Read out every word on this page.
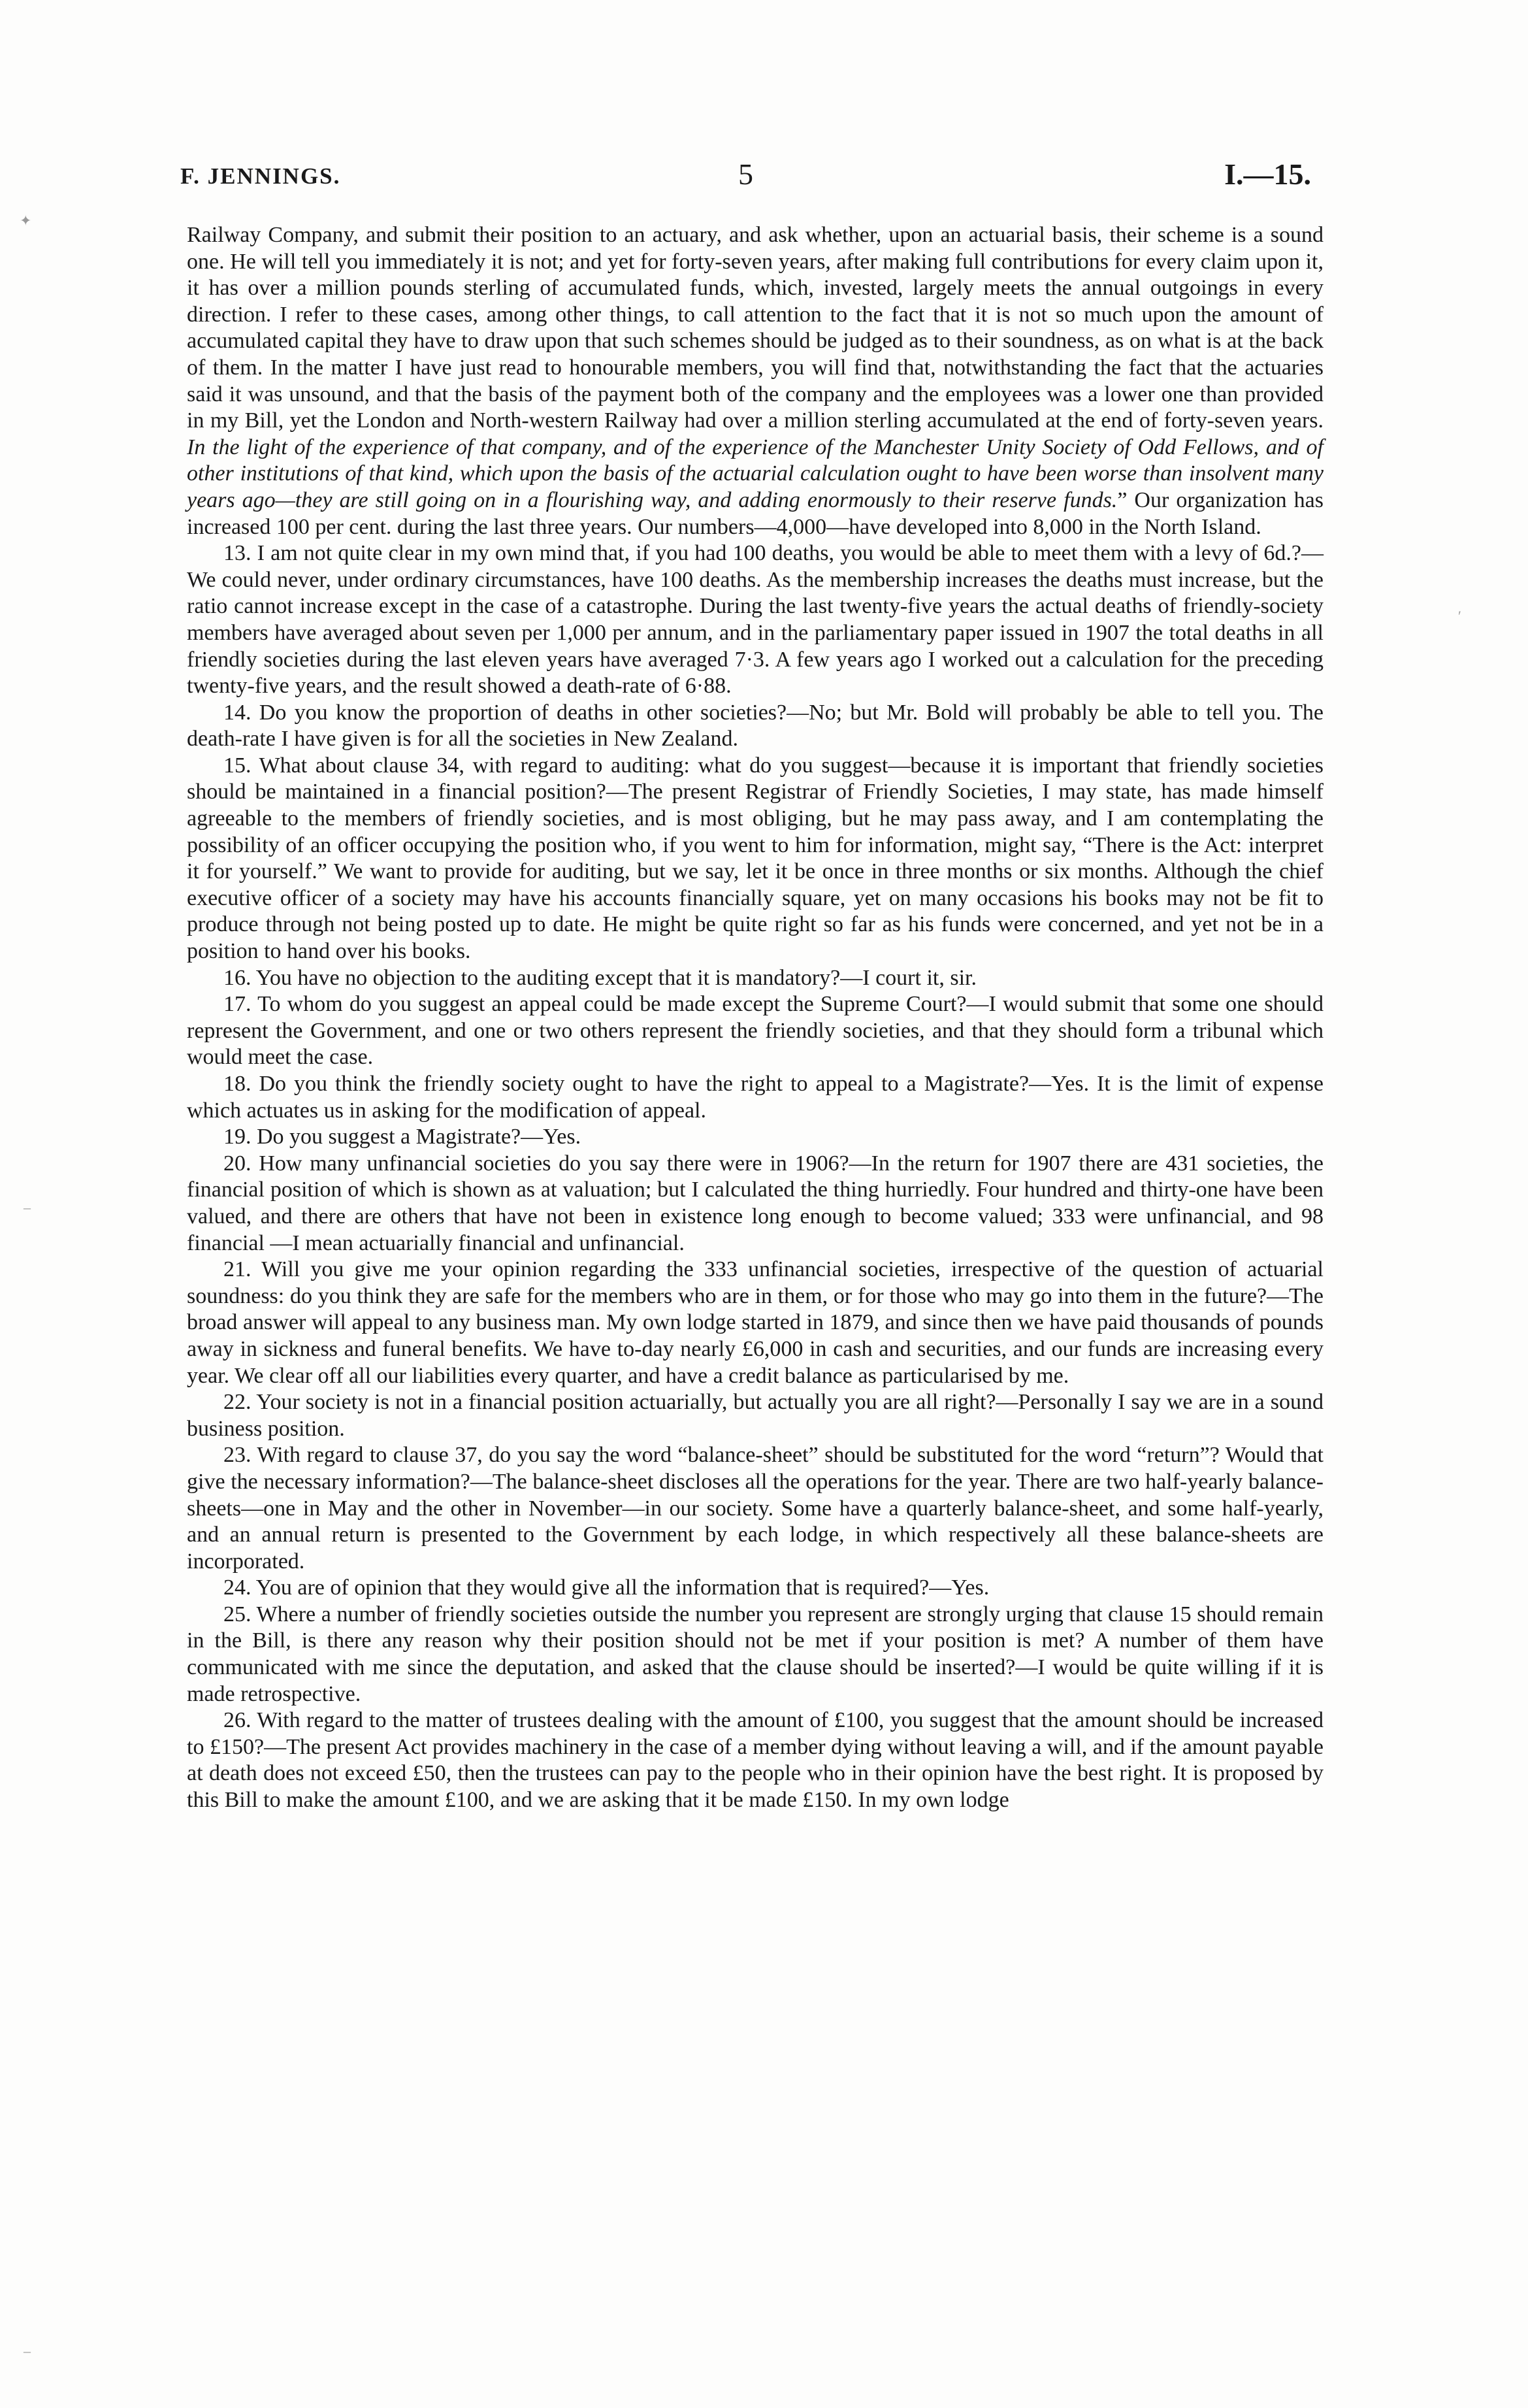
F. JENNINGS.	5	I.—15.
✦
–
′
–

Railway Company, and submit their position to an actuary, and ask whether, upon an actuarial basis, their scheme is a sound one. He will tell you immediately it is not; and yet for forty-seven years, after making full contributions for every claim upon it, it has over a million pounds sterling of accumulated funds, which, invested, largely meets the annual outgoings in every direction. I refer to these cases, among other things, to call attention to the fact that it is not so much upon the amount of accumulated capital they have to draw upon that such schemes should be judged as to their soundness, as on what is at the back of them. In the matter I have just read to honourable members, you will find that, notwithstanding the fact that the actuaries said it was unsound, and that the basis of the payment both of the company and the employees was a lower one than provided in my Bill, yet the London and North-western Railway had over a million sterling accumulated at the end of forty-seven years. In the light of the experience of that company, and of the experience of the Manchester Unity Society of Odd Fellows, and of other institutions of that kind, which upon the basis of the actuarial calculation ought to have been worse than insolvent many years ago—they are still going on in a flourishing way, and adding enormously to their reserve funds.” Our organization has increased 100 per cent. during the last three years. Our numbers—4,000—have developed into 8,000 in the North Island.

13. I am not quite clear in my own mind that, if you had 100 deaths, you would be able to meet them with a levy of 6d.?—We could never, under ordinary circumstances, have 100 deaths. As the membership increases the deaths must increase, but the ratio cannot increase except in the case of a catastrophe. During the last twenty-five years the actual deaths of friendly-society members have averaged about seven per 1,000 per annum, and in the parliamentary paper issued in 1907 the total deaths in all friendly societies during the last eleven years have averaged 7·3. A few years ago I worked out a calculation for the preceding twenty-five years, and the result showed a death-rate of 6·88.

14. Do you know the proportion of deaths in other societies?—No; but Mr. Bold will probably be able to tell you. The death-rate I have given is for all the societies in New Zealand.

15. What about clause 34, with regard to auditing: what do you suggest—because it is important that friendly societies should be maintained in a financial position?—The present Registrar of Friendly Societies, I may state, has made himself agreeable to the members of friendly societies, and is most obliging, but he may pass away, and I am contemplating the possibility of an officer occupying the position who, if you went to him for information, might say, “There is the Act: interpret it for yourself.” We want to provide for auditing, but we say, let it be once in three months or six months. Although the chief executive officer of a society may have his accounts financially square, yet on many occasions his books may not be fit to produce through not being posted up to date. He might be quite right so far as his funds were concerned, and yet not be in a position to hand over his books.

16. You have no objection to the auditing except that it is mandatory?—I court it, sir.

17. To whom do you suggest an appeal could be made except the Supreme Court?—I would submit that some one should represent the Government, and one or two others represent the friendly societies, and that they should form a tribunal which would meet the case.

18. Do you think the friendly society ought to have the right to appeal to a Magistrate?—Yes. It is the limit of expense which actuates us in asking for the modification of appeal.

19. Do you suggest a Magistrate?—Yes.

20. How many unfinancial societies do you say there were in 1906?—In the return for 1907 there are 431 societies, the financial position of which is shown as at valuation; but I calculated the thing hurriedly. Four hundred and thirty-one have been valued, and there are others that have not been in existence long enough to become valued; 333 were unfinancial, and 98 financial —I mean actuarially financial and unfinancial.

21. Will you give me your opinion regarding the 333 unfinancial societies, irrespective of the question of actuarial soundness: do you think they are safe for the members who are in them, or for those who may go into them in the future?—The broad answer will appeal to any business man. My own lodge started in 1879, and since then we have paid thousands of pounds away in sickness and funeral benefits. We have to-day nearly £6,000 in cash and securities, and our funds are increasing every year. We clear off all our liabilities every quarter, and have a credit balance as particularised by me.

22. Your society is not in a financial position actuarially, but actually you are all right?—Personally I say we are in a sound business position.

23. With regard to clause 37, do you say the word “balance-sheet” should be substituted for the word “return”? Would that give the necessary information?—The balance-sheet discloses all the operations for the year. There are two half-yearly balance-sheets—one in May and the other in November—in our society. Some have a quarterly balance-sheet, and some half-yearly, and an annual return is presented to the Government by each lodge, in which respectively all these balance-sheets are incorporated.

24. You are of opinion that they would give all the information that is required?—Yes.

25. Where a number of friendly societies outside the number you represent are strongly urging that clause 15 should remain in the Bill, is there any reason why their position should not be met if your position is met? A number of them have communicated with me since the deputation, and asked that the clause should be inserted?—I would be quite willing if it is made retrospective.

26. With regard to the matter of trustees dealing with the amount of £100, you suggest that the amount should be increased to £150?—The present Act provides machinery in the case of a member dying without leaving a will, and if the amount payable at death does not exceed £50, then the trustees can pay to the people who in their opinion have the best right. It is proposed by this Bill to make the amount £100, and we are asking that it be made £150. In my own lodge
